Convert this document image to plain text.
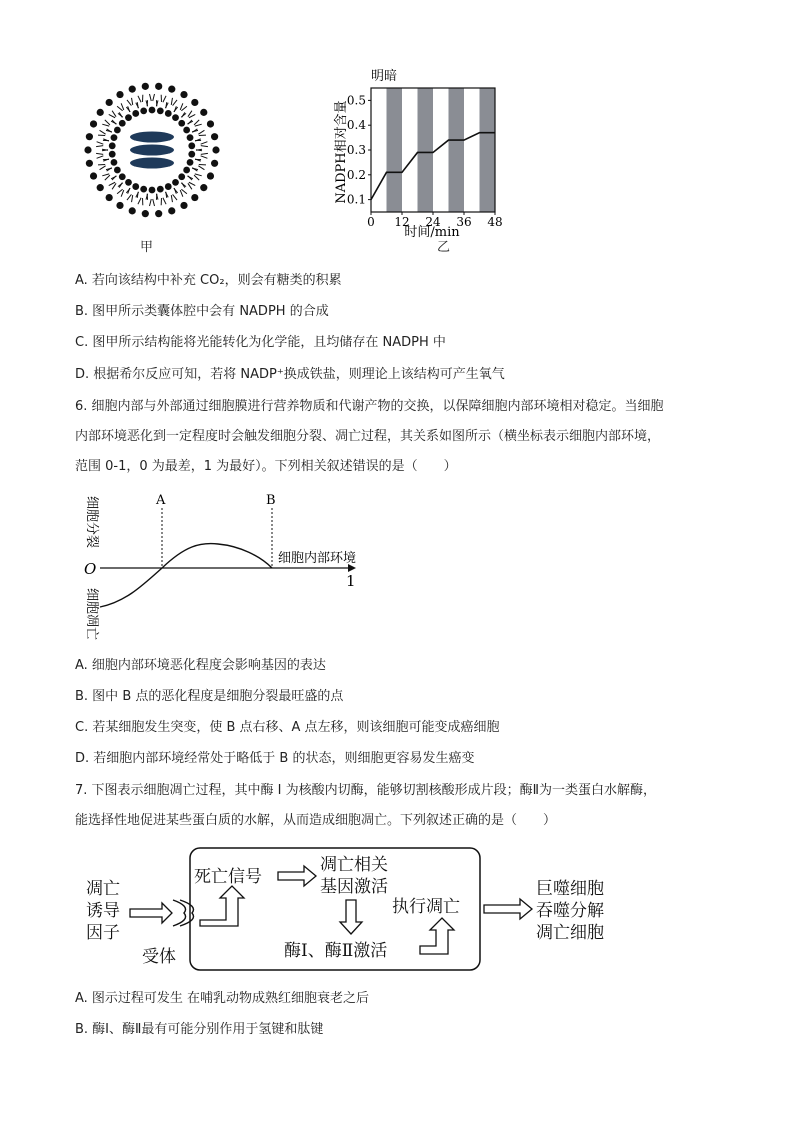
甲
明暗
NADPH相对含量
0 12 24 36 48
0.1
0.2
0.3
0.4
0.5
时间/min
乙
A. 若向该结构中补充 CO₂，则会有糖类的积累
B. 图甲所示类囊体腔中会有 NADPH 的合成
C. 图甲所示结构能将光能转化为化学能，且均储存在 NADPH 中
D. 根据希尔反应可知，若将 NADP⁺换成铁盐，则理论上该结构可产生氧气
6. 细胞内部与外部通过细胞膜进行营养物质和代谢产物的交换，以保障细胞内部环境相对稳定。当细胞
内部环境恶化到一定程度时会触发细胞分裂、凋亡过程，其关系如图所示（横坐标表示细胞内部环境，
范围 0-1，0 为最差，1 为最好）。下列相关叙述错误的是（　　）
细胞分裂
细胞凋亡
O
1
细胞内部环境
A	B
A. 细胞内部环境恶化程度会影响基因的表达
B. 图中 B 点的恶化程度是细胞分裂最旺盛的点
C. 若某细胞发生突变，使 B 点右移、A 点左移，则该细胞可能变成癌细胞
D. 若细胞内部环境经常处于略低于 B 的状态，则细胞更容易发生癌变
7. 下图表示细胞凋亡过程，其中酶 I 为核酸内切酶，能够切割核酸形成片段；酶Ⅱ为一类蛋白水解酶，
能选择性地促进某些蛋白质的水解，从而造成细胞凋亡。下列叙述正确的是（　　）
凋亡
诱导
因子
受体
死亡信号
凋亡相关
基因激活
执行凋亡
酶Ⅰ、酶Ⅱ激活
巨噬细胞
吞噬分解
凋亡细胞
A. 图示过程可发生 在哺乳动物成熟红细胞衰老之后
B. 酶Ⅰ、酶Ⅱ最有可能分别作用于氢键和肽键
